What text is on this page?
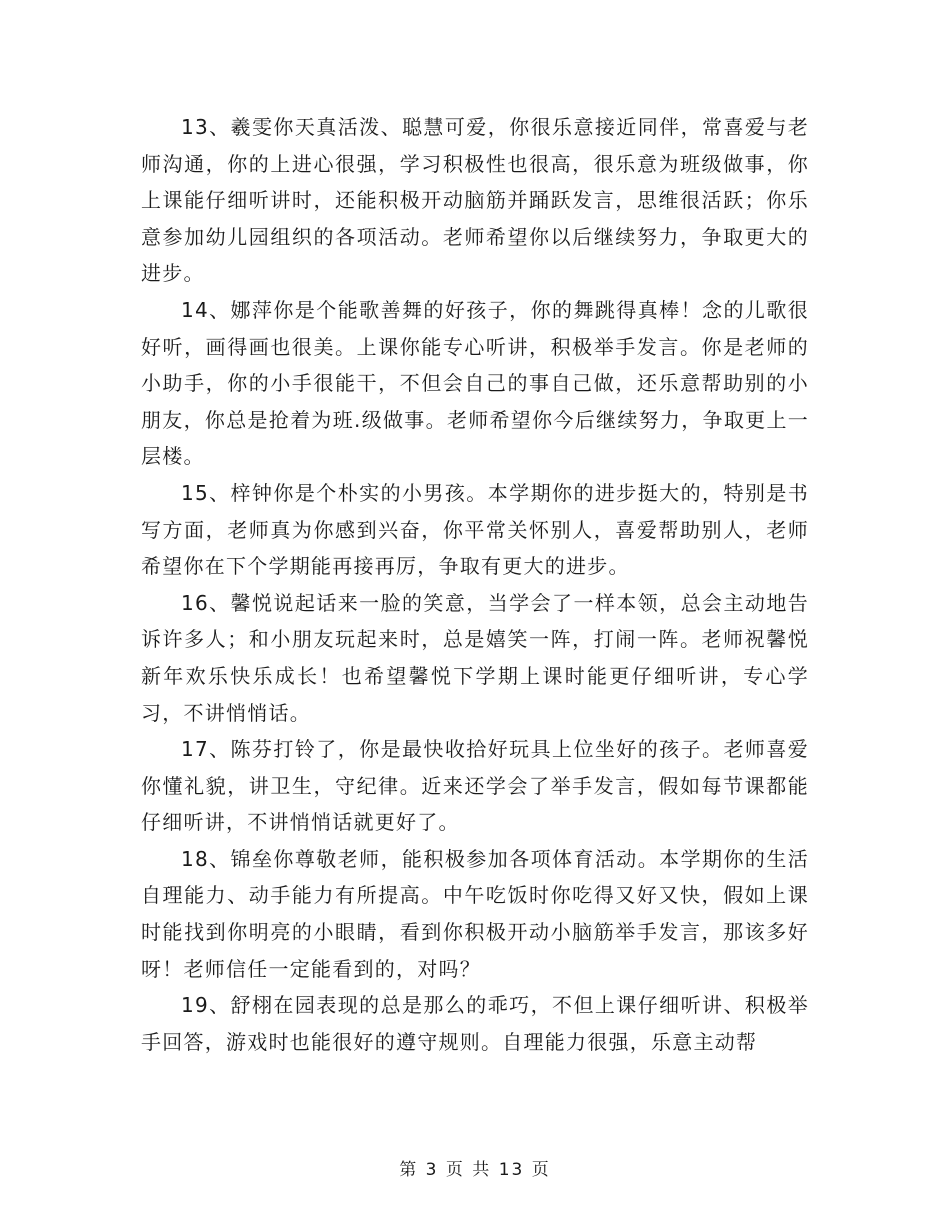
13、羲雯你天真活泼、聪慧可爱，你很乐意接近同伴，常喜爱与老师沟通，你的上进心很强，学习积极性也很高，很乐意为班级做事，你上课能仔细听讲时，还能积极开动脑筋并踊跃发言，思维很活跃；你乐意参加幼儿园组织的各项活动。老师希望你以后继续努力，争取更大的进步。

14、娜萍你是个能歌善舞的好孩子，你的舞跳得真棒！念的儿歌很好听，画得画也很美。上课你能专心听讲，积极举手发言。你是老师的小助手，你的小手很能干，不但会自己的事自己做，还乐意帮助别的小朋友，你总是抢着为班.级做事。老师希望你今后继续努力，争取更上一层楼。

15、梓钟你是个朴实的小男孩。本学期你的进步挺大的，特别是书写方面，老师真为你感到兴奋，你平常关怀别人，喜爱帮助别人，老师希望你在下个学期能再接再厉，争取有更大的进步。

16、馨悦说起话来一脸的笑意，当学会了一样本领，总会主动地告诉许多人；和小朋友玩起来时，总是嬉笑一阵，打闹一阵。老师祝馨悦新年欢乐快乐成长！也希望馨悦下学期上课时能更仔细听讲，专心学习，不讲悄悄话。

17、陈芬打铃了，你是最快收拾好玩具上位坐好的孩子。老师喜爱你懂礼貌，讲卫生，守纪律。近来还学会了举手发言，假如每节课都能仔细听讲，不讲悄悄话就更好了。

18、锦垒你尊敬老师，能积极参加各项体育活动。本学期你的生活自理能力、动手能力有所提高。中午吃饭时你吃得又好又快，假如上课时能找到你明亮的小眼睛，看到你积极开动小脑筋举手发言，那该多好呀！老师信任一定能看到的，对吗？

19、舒栩在园表现的总是那么的乖巧，不但上课仔细听讲、积极举手回答，游戏时也能很好的遵守规则。自理能力很强，乐意主动帮

第 3 页 共 13 页
